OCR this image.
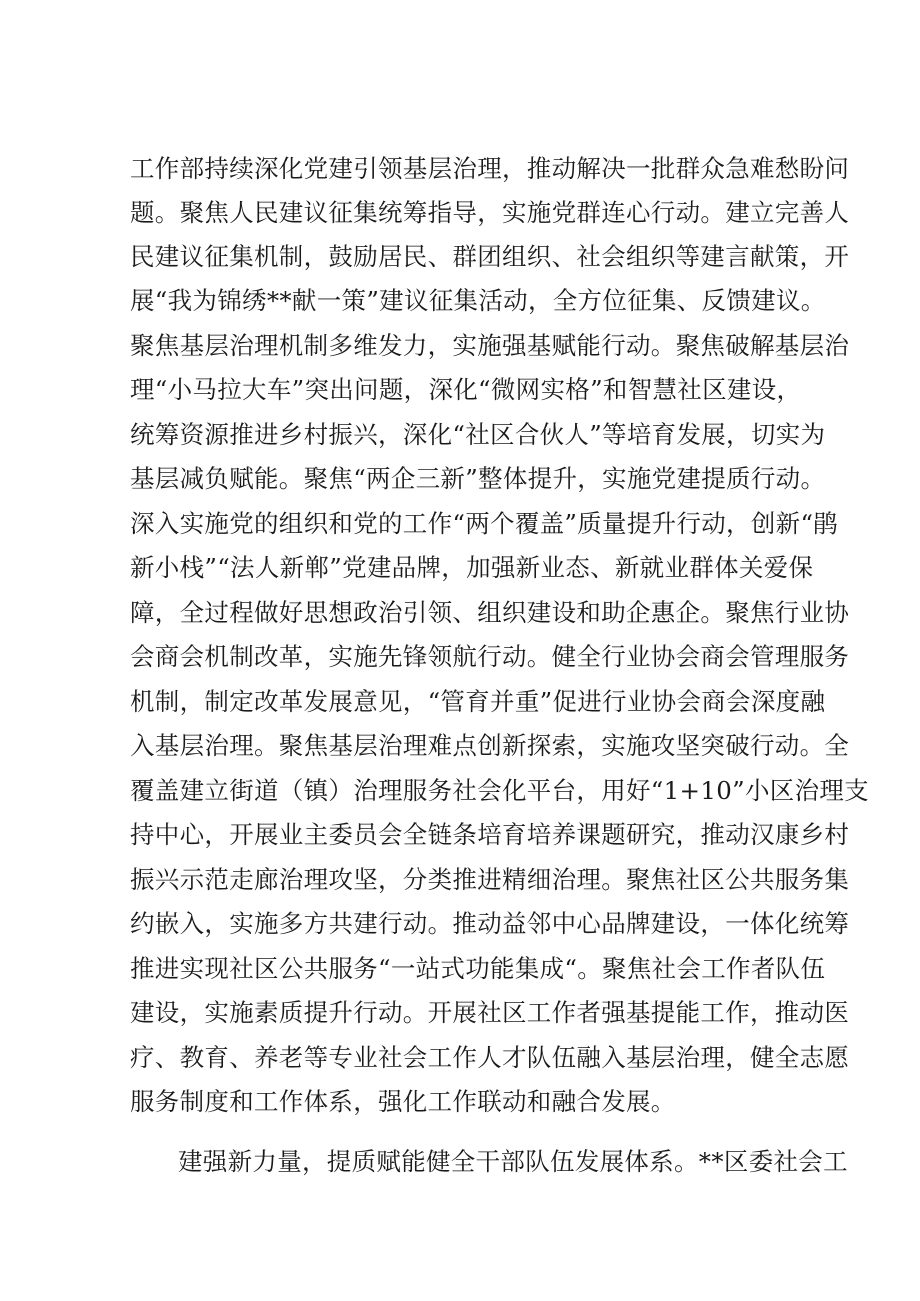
工作部持续深化党建引领基层治理，推动解决一批群众急难愁盼问
题。聚焦人民建议征集统筹指导，实施党群连心行动。建立完善人
民建议征集机制，鼓励居民、群团组织、社会组织等建言献策，开
展“我为锦绣**献一策”建议征集活动，全方位征集、反馈建议。
聚焦基层治理机制多维发力，实施强基赋能行动。聚焦破解基层治
理“小马拉大车”突出问题，深化“微网实格”和智慧社区建设，
统筹资源推进乡村振兴，深化“社区合伙人”等培育发展，切实为
基层减负赋能。聚焦“两企三新”整体提升，实施党建提质行动。
深入实施党的组织和党的工作“两个覆盖”质量提升行动，创新“鹃
新小栈”“法人新郸”党建品牌，加强新业态、新就业群体关爱保
障，全过程做好思想政治引领、组织建设和助企惠企。聚焦行业协
会商会机制改革，实施先锋领航行动。健全行业协会商会管理服务
机制，制定改革发展意见，“管育并重”促进行业协会商会深度融
入基层治理。聚焦基层治理难点创新探索，实施攻坚突破行动。全
覆盖建立街道（镇）治理服务社会化平台，用好“1+10”小区治理支
持中心，开展业主委员会全链条培育培养课题研究，推动汉康乡村
振兴示范走廊治理攻坚，分类推进精细治理。聚焦社区公共服务集
约嵌入，实施多方共建行动。推动益邻中心品牌建设，一体化统筹
推进实现社区公共服务“一站式功能集成“。聚焦社会工作者队伍
建设，实施素质提升行动。开展社区工作者强基提能工作，推动医
疗、教育、养老等专业社会工作人才队伍融入基层治理，健全志愿
服务制度和工作体系，强化工作联动和融合发展。
建强新力量，提质赋能健全干部队伍发展体系。**区委社会工
